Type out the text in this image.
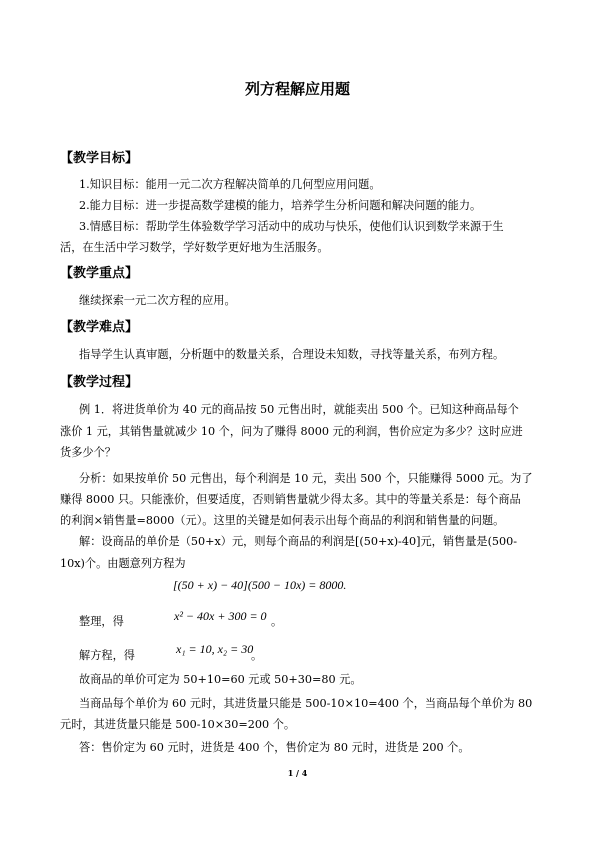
列方程解应用题
【教学目标】
1.知识目标：能用一元二次方程解决简单的几何型应用问题。
2.能力目标：进一步提高数学建模的能力，培养学生分析问题和解决问题的能力。
3.情感目标：帮助学生体验数学学习活动中的成功与快乐，使他们认识到数学来源于生
活，在生活中学习数学，学好数学更好地为生活服务。
【教学重点】
继续探索一元二次方程的应用。
【教学难点】
指导学生认真审题，分析题中的数量关系，合理设未知数，寻找等量关系，布列方程。
【教学过程】
例 1．将进货单价为 40 元的商品按 50 元售出时，就能卖出 500 个。已知这种商品每个
涨价 1 元，其销售量就减少 10 个，问为了赚得 8000 元的利润，售价应定为多少？这时应进
货多少个？
分析：如果按单价 50 元售出，每个利润是 10 元，卖出 500 个，只能赚得 5000 元。为了
赚得 8000 只。只能涨价，但要适度，否则销售量就少得太多。其中的等量关系是：每个商品
的利润×销售量=8000（元）。这里的关键是如何表示出每个商品的利润和销售量的问题。
解：设商品的单价是（50+x）元，则每个商品的利润是[(50+x)-40]元，销售量是(500-
10x)个。由题意列方程为
[(50 + x) − 40](500 − 10x) = 8000.
整理，得	x² − 40x + 300 = 0 。
解方程，得	x₁ = 10, x₂ = 30
。
故商品的单价可定为 50+10=60 元或 50+30=80 元。
当商品每个单价为 60 元时，其进货量只能是 500-10×10=400 个，当商品每个单价为 80
元时，其进货量只能是 500-10×30=200 个。
答：售价定为 60 元时，进货是 400 个，售价定为 80 元时，进货是 200 个。
1 / 4
